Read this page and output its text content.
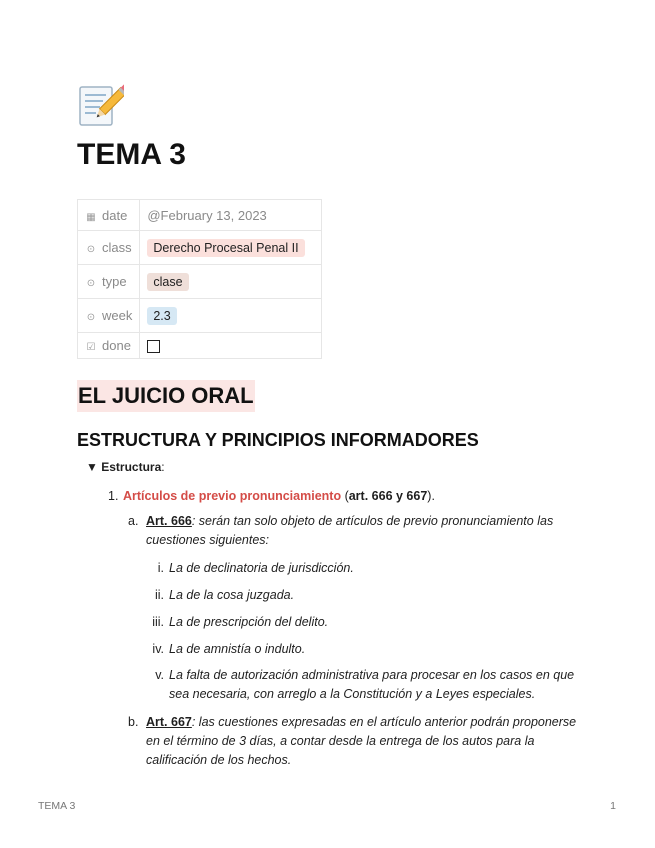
TEMA 3
▦ date	@February 13, 2023
⊙ class	Derecho Procesal Penal II
⊙ type	clase
⊙ week	2.3
☑ done	
EL JUICIO ORAL
ESTRUCTURA Y PRINCIPIOS INFORMADORES
▼ Estructura:
1. Artículos de previo pronunciamiento (art. 666 y 667).
a. Art. 666: serán tan solo objeto de artículos de previo pronunciamiento las cuestiones siguientes:
i. La de declinatoria de jurisdicción.
ii. La de la cosa juzgada.
iii. La de prescripción del delito.
iv. La de amnistía o indulto.
v. La falta de autorización administrativa para procesar en los casos en que sea necesaria, con arreglo a la Constitución y a Leyes especiales.
b. Art. 667: las cuestiones expresadas en el artículo anterior podrán proponerse en el término de 3 días, a contar desde la entrega de los autos para la calificación de los hechos.
TEMA 3	1
